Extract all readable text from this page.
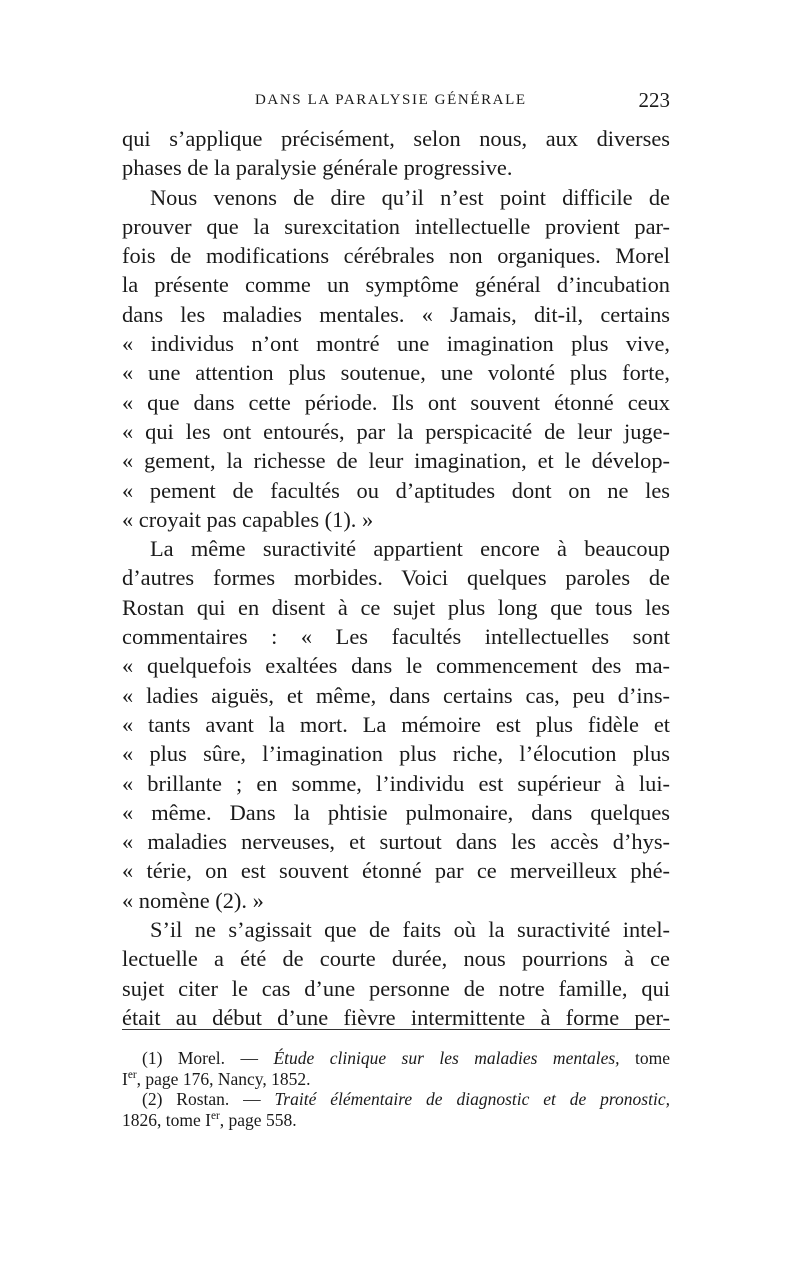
DANS LA PARALYSIE GÉNÉRALE	223
qui s’applique précisément, selon nous, aux diverses
phases de la paralysie générale progressive.
Nous venons de dire qu’il n’est point difficile de
prouver que la surexcitation intellectuelle provient par-
fois de modifications cérébrales non organiques. Morel
la présente comme un symptôme général d’incubation
dans les maladies mentales. « Jamais, dit-il, certains
« individus n’ont montré une imagination plus vive,
« une attention plus soutenue, une volonté plus forte,
« que dans cette période. Ils ont souvent étonné ceux
« qui les ont entourés, par la perspicacité de leur juge-
« gement, la richesse de leur imagination, et le dévelop-
« pement de facultés ou d’aptitudes dont on ne les
« croyait pas capables (1). »
La même suractivité appartient encore à beaucoup
d’autres formes morbides. Voici quelques paroles de
Rostan qui en disent à ce sujet plus long que tous les
commentaires : « Les facultés intellectuelles sont
« quelquefois exaltées dans le commencement des ma-
« ladies aiguës, et même, dans certains cas, peu d’ins-
« tants avant la mort. La mémoire est plus fidèle et
« plus sûre, l’imagination plus riche, l’élocution plus
« brillante ; en somme, l’individu est supérieur à lui-
« même. Dans la phtisie pulmonaire, dans quelques
« maladies nerveuses, et surtout dans les accès d’hys-
« térie, on est souvent étonné par ce merveilleux phé-
« nomène (2). »
S’il ne s’agissait que de faits où la suractivité intel-
lectuelle a été de courte durée, nous pourrions à ce
sujet citer le cas d’une personne de notre famille, qui
était au début d’une fièvre intermittente à forme per-
(1) Morel. — Étude clinique sur les maladies mentales, tome
Ier, page 176, Nancy, 1852.
(2) Rostan. — Traité élémentaire de diagnostic et de pronostic,
1826, tome Ier, page 558.
